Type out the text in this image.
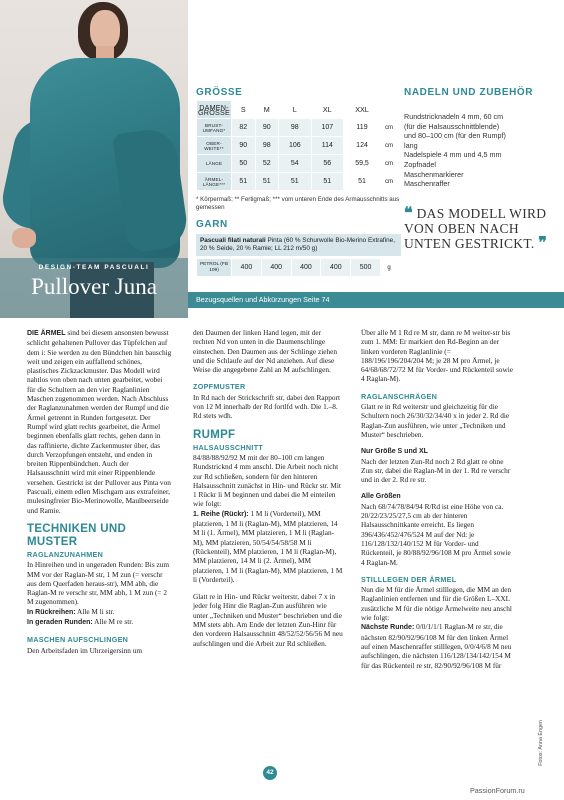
DESIGN-TEAM PASCUALI
Pullover Juna
GRÖSSE
DAMEN-GRÖSSE	S	M	L	XL	XXL	
BRUST-UMFANG*	82	90	98	107	119	cm
OBER-WEITE**	90	98	106	114	124	cm
LÄNGE	50	52	54	56	59,5	cm
ÄRMEL-LÄNGE***	51	51	51	51	51	cm
* Körpermaß; ** Fertigmaß; *** vom unteren Ende des Armausschnitts aus gemessen
GARN
Pascuali filati naturali Pinta (60 % Schurwolle Bio-Merino Extrafine, 20 % Seide, 20 % Ramie; LL 212 m/50 g)
PETROL (FB 109)	400	400	400	400	500	g
NADELN UND ZUBEHÖR
Rundstricknadeln 4 mm, 60 cm
(für die Halsausschnittblende)
und 80–100 cm (für den Rumpf)
lang
Nadelspiele 4 mm und 4,5 mm
Zopfnadel
Maschenmarkierer
Maschenraffer
❝ DAS MODELL WIRD VON OBEN NACH UNTEN GESTRICKT. ❞
Bezugsquellen und Abkürzungen Seite 74

DIE ÄRMEL sind bei diesem ansonsten bewusst schlicht gehaltenen Pullover das Tüpfelchen auf dem i: Sie werden zu den Bündchen hin bauschig weit und zeigen ein auffallend schönes, plastisches Zickzackmuster. Das Modell wird nahtlos von oben nach unten gearbeitet, wobei für die Schultern an den vier Raglanlinien Maschen zugenommen werden. Nach Abschluss der Raglanzunahmen werden der Rumpf und die Ärmel getrennt in Runden fortgesetzt. Der Rumpf wird glatt rechts gearbeitet, die Ärmel beginnen ebenfalls glatt rechts, gehen dann in das raffinierte, dichte Zackenmuster über, das durch Verzopfungen entsteht, und enden in breiten Rippenbündchen. Auch der Halsausschnitt wird mit einer Rippenblende versehen. Gestrickt ist der Pullover aus Pinta von Pascuali, einem edlen Mischgarn aus extrafeiner, mulesingfreier Bio-Merinowolle, Maulbeerseide und Ramie.

TECHNIKEN UND MUSTER
RAGLANZUNAHMEN

In Hinreihen und in ungeraden Runden: Bis zum MM vor der Raglan-M str, 1 M zun (= verschr aus dem Querfaden heraus-str), MM abh, die Raglan-M re verschr str, MM abh, 1 M zun (= 2 M zugenommen).

In Rückreihen: Alle M li str.

In geraden Runden: Alle M re str.

MASCHEN AUFSCHLINGEN

Den Arbeitsfaden im Uhrzeigersinn um

den Daumen der linken Hand legen, mit der rechten Nd von unten in die Daumenschlinge einstechen. Den Daumen aus der Schlinge ziehen und die Schlaufe auf der Nd anziehen. Auf diese Weise die angegebene Zahl an M aufschlingen.

ZOPFMUSTER

In Rd nach der Strickschrift str, dabei den Rapport von 12 M innerhalb der Rd fortlfd wdh. Die 1.–8. Rd stets wdh.

RUMPF
HALSAUSSCHNITT

84/88/88/92/92 M mit der 80–100 cm langen Rundstricknd 4 mm anschl. Die Arbeit noch nicht zur Rd schließen, sondern für den hinteren Halsausschnitt zunächst in Hin- und Rückr str. Mit 1 Rückr li M beginnen und dabei die M einteilen wie folgt:

1. Reihe (Rückr): 1 M li (Vorderteil), MM platzieren, 1 M li (Raglan-M), MM platzieren, 14 M li (1. Ärmel), MM platzieren, 1 M li (Raglan-M), MM platzieren, 50/54/54/58/58 M li (Rückenteil), MM platzieren, 1 M li (Raglan-M), MM platzieren, 14 M li (2. Ärmel), MM platzieren, 1 M li (Raglan-M), MM platzieren, 1 M li (Vorderteil).

Glatt re in Hin- und Rückr weiterstr, dabei 7 x in jeder folg Hinr die Raglan-Zun ausführen wie unter „Techniken und Muster“ beschrieben und die MM stets abh. Am Ende der letzten Zun-Hinr für den vorderen Halsausschnitt 48/52/52/56/56 M neu aufschlingen und die Arbeit zur Rd schließen.

Über alle M 1 Rd re M str, dann re M weiter-str bis zum 1. MM: Er markiert den Rd-Beginn an der linken vorderen Raglanlinie (= 188/196/196/204/204 M; je 28 M pro Ärmel, je 64/68/68/72/72 M für Vorder- und Rückenteil sowie 4 Raglan-M).

RAGLANSCHRÄGEN

Glatt re in Rd weiterstr und gleichzeitig für die Schultern noch 26/30/32/34/40 x in jeder 2. Rd die Raglan-Zun ausführen, wie unter „Techniken und Muster“ beschrieben.

Nur Größe S und XL

Nach der letzten Zun-Rd noch 2 Rd glatt re ohne Zun str, dabei die Raglan-M in der 1. Rd re verschr und in der 2. Rd re str.

Alle Größen

Nach 68/74/78/84/94 R/Rd ist eine Höhe von ca. 20/22/23/25/27,5 cm ab der hinteren Halsausschnittkante erreicht. Es liegen 396/436/452/476/524 M auf der Nd: je 116/128/132/140/152 M für Vorder- und Rückenteil, je 80/88/92/96/108 M pro Ärmel sowie 4 Raglan-M.

STILLLEGEN DER ÄRMEL

Nun die M für die Ärmel stilllegen, die MM an den Raglanlinien entfernen und für die Größen L–XXL zusätzliche M für die nötige Ärmelweite neu anschl wie folgt:

Nächste Runde: 0/0/1/1/1 Raglan-M re str, die nächsten 82/90/92/96/108 M für den linken Ärmel auf einen Maschenraffer stilllegen, 0/0/4/6/8 M neu aufschlingen, die nächsten 116/128/134/142/154 M für das Rückenteil re str, 82/90/92/96/108 M für

Fotos: Anna Engen
42
PassionForum.ru
